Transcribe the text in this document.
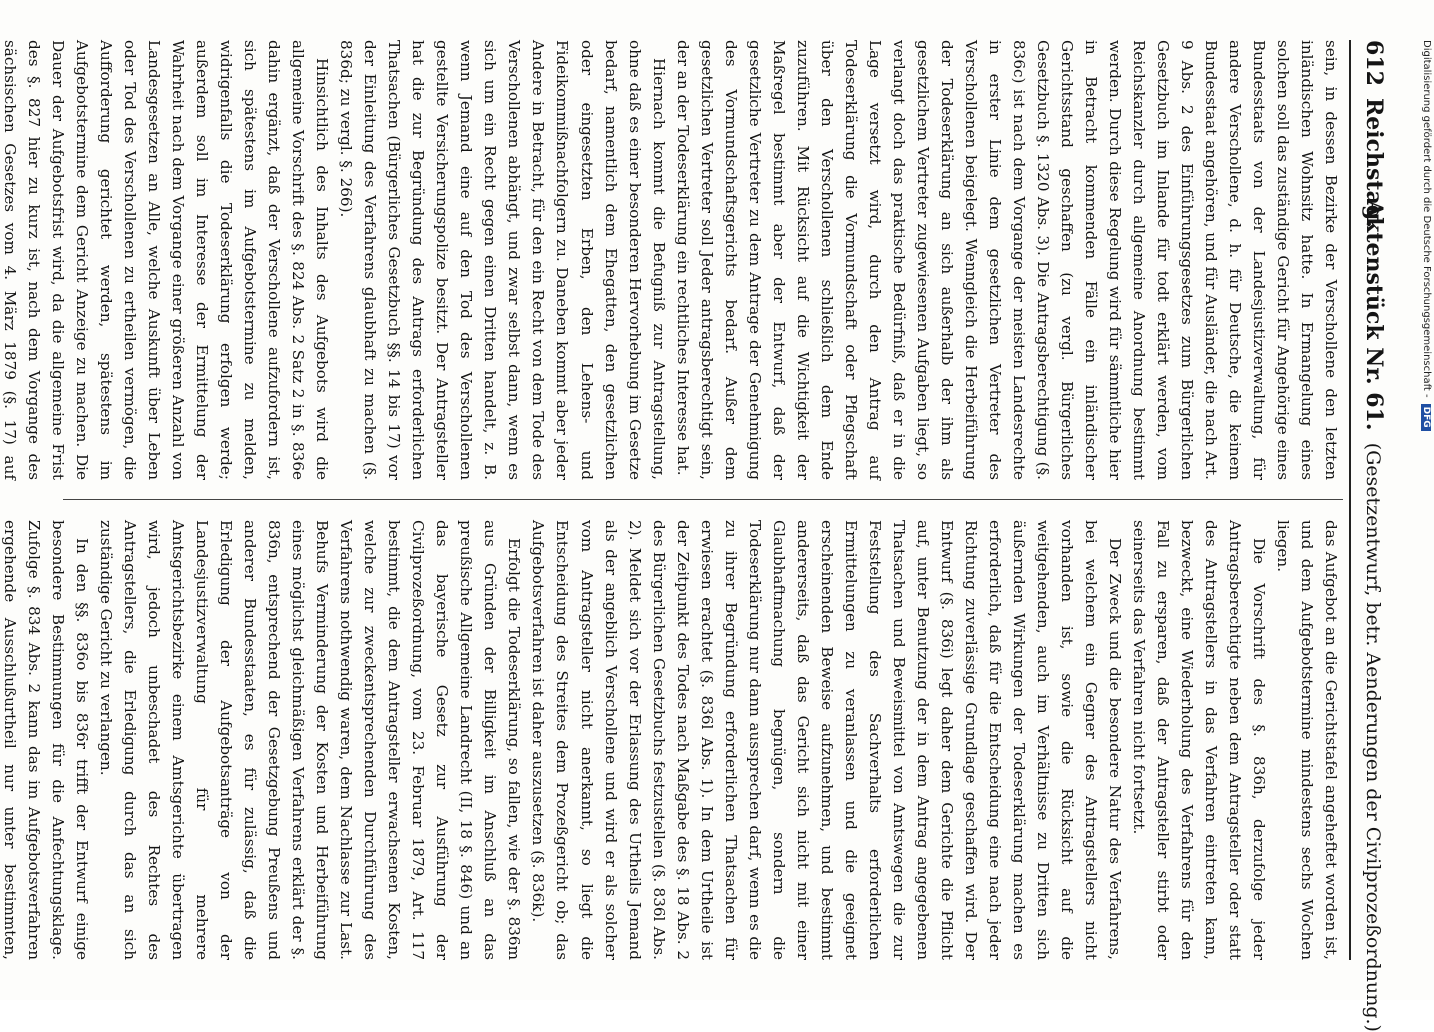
612
Reichstag.
Aktenstück Nr. 61.  (Gesetzentwurf, betr. Aenderungen der Civilprozeßordnung.)

sein, in dessen Bezirke der Verschollene den letzten inländischen Wohnsitz hatte. In Ermangelung eines solchen soll das zuständige Gericht für Angehörige eines Bundesstaats von der Landesjustizverwaltung, für andere Verschollene, d. h. für Deutsche, die keinem Bundesstaat angehören, und für Ausländer, die nach Art. 9 Abs. 2 des Einführungsgesetzes zum Bürgerlichen Gesetzbuch im Inlande für todt erklärt werden, vom Reichskanzler durch allgemeine Anordnung bestimmt werden. Durch diese Regelung wird für sämmtliche hier in Betracht kommenden Fälle ein inländischer Gerichtsstand geschaffen (zu vergl. Bürgerliches Gesetzbuch §. 1320 Abs. 3). Die Antragsberechtigung (§. 836c) ist nach dem Vorgange der meisten Landesrechte in erster Linie dem gesetzlichen Vertreter des Verschollenen beigelegt. Wenngleich die Herbeiführung der Todeserklärung an sich außerhalb der ihm als gesetzlichem Vertreter zugewiesenen Aufgaben liegt, so verlangt doch das praktische Bedürfniß, daß er in die Lage versetzt wird, durch den Antrag auf Todeserklärung die Vormundschaft oder Pflegschaft über den Verschollenen schließlich dem Ende zuzuführen. Mit Rücksicht auf die Wichtigkeit der Maßregel bestimmt aber der Entwurf, daß der gesetzliche Vertreter zu dem Antrage der Genehmigung des Vormundschaftsgerichts bedarf. Außer dem gesetzlichen Vertreter soll Jeder antragsberechtigt sein, der an der Todeserklärung ein rechtliches Interesse hat.

Hiernach kommt die Befugniß zur Antragstellung, ohne daß es einer besonderen Hervorhebung im Gesetze bedarf, namentlich dem Ehegatten, den gesetzlichen oder eingesetzten Erben, den Lehens- und Fideikommißnachfolgern zu. Daneben kommt aber jeder Andere in Betracht, für den ein Recht von dem Tode des Verschollenen abhängt, und zwar selbst dann, wenn es sich um ein Recht gegen einen Dritten handelt, z. B. wenn Jemand eine auf den Tod des Verschollenen gestellte Versicherungspolize besitzt. Der Antragsteller hat die zur Begründung des Antrags erforderlichen Thatsachen (Bürgerliches Gesetzbuch §§. 14 bis 17) vor der Einleitung des Verfahrens glaubhaft zu machen (§. 836d; zu vergl. §. 266).

Hinsichtlich des Inhalts des Aufgebots wird die allgemeine Vorschrift des §. 824 Abs. 2 Satz 2 in §. 836e dahin ergänzt, daß der Verschollene aufzufordern ist, sich spätestens im Aufgebotstermine zu melden, widrigenfalls die Todeserklärung erfolgen werde; außerdem soll im Interesse der Ermittelung der Wahrheit nach dem Vorgange einer größeren Anzahl von Landesgesetzen an Alle, welche Auskunft über Leben oder Tod des Verschollenen zu ertheilen vermögen, die Aufforderung gerichtet werden, spätestens im Aufgebotstermine dem Gericht Anzeige zu machen. Die Dauer der Aufgebotsfrist wird, da die allgemeine Frist des §. 827 hier zu kurz ist, nach dem Vorgange des sächsischen Gesetzes vom 4. März 1879 (§. 17) auf

das Aufgebot an die Gerichtstafel angeheftet worden ist, und dem Aufgebotstermine mindestens sechs Wochen liegen.

Die Vorschrift des §. 836h, derzufolge jeder Antragsberechtigte neben dem Antragsteller oder statt des Antragstellers in das Verfahren eintreten kann, bezweckt, eine Wiederholung des Verfahrens für den Fall zu ersparen, daß der Antragsteller stirbt oder seinerseits das Verfahren nicht fortsetzt.

Der Zweck und die besondere Natur des Verfahrens, bei welchem ein Gegner des Antragstellers nicht vorhanden ist, sowie die Rücksicht auf die weitgehenden, auch im Verhältnisse zu Dritten sich äußernden Wirkungen der Todeserklärung machen es erforderlich, daß für die Entscheidung eine nach jeder Richtung zuverlässige Grundlage geschaffen wird. Der Entwurf (§. 836i) legt daher dem Gerichte die Pflicht auf, unter Benutzung der in dem Antrag angegebenen Thatsachen und Beweismittel von Amtswegen die zur Feststellung des Sachverhalts erforderlichen Ermittelungen zu veranlassen und die geeignet erscheinenden Beweise aufzunehmen, und bestimmt andererseits, daß das Gericht sich nicht mit einer Glaubhaftmachung begnügen, sondern die Todeserklärung nur dann aussprechen darf, wenn es die zu ihrer Begründung erforderlichen Thatsachen für erwiesen erachtet (§. 836l Abs. 1). In dem Urtheile ist der Zeitpunkt des Todes nach Maßgabe des §. 18 Abs. 2 des Bürgerlichen Gesetzbuchs festzustellen (§. 836l Abs. 2). Meldet sich vor der Erlassung des Urtheils Jemand als der angeblich Verschollene und wird er als solcher vom Antragsteller nicht anerkannt, so liegt die Entscheidung des Streites dem Prozeßgericht ob; das Aufgebotsverfahren ist daher auszusetzen (§. 836k).

Erfolgt die Todeserklärung, so fallen, wie der §. 836m aus Gründen der Billigkeit im Anschluß an das preußische Allgemeine Landrecht (II, 18 §. 846) und an das bayerische Gesetz zur Ausführung der Civilprozeßordnung, vom 23. Februar 1879, Art. 117 bestimmt, die dem Antragsteller erwachsenen Kosten, welche zur zweckentsprechenden Durchführung des Verfahrens nothwendig waren, dem Nachlasse zur Last. Behufs Verminderung der Kosten und Herbeiführung eines möglichst gleichmäßigen Verfahrens erklärt der §. 836n, entsprechend der Gesetzgebung Preußens und anderer Bundesstaaten, es für zulässig, daß die Erledigung der Aufgebotsanträge von der Landesjustizverwaltung für mehrere Amtsgerichtsbezirke einem Amtsgerichte übertragen wird, jedoch unbeschadet des Rechtes des Antragstellers, die Erledigung durch das an sich zuständige Gericht zu verlangen.

In den §§. 836o bis 836r trifft der Entwurf einige besondere Bestimmungen für die Anfechtungsklage. Zufolge §. 834 Abs. 2 kann das im Aufgebotsverfahren ergehende Ausschlußurtheil nur unter bestimmten,

Digitalisierung gefördert durch die Deutsche Forschungsgemeinschaft -DFG
